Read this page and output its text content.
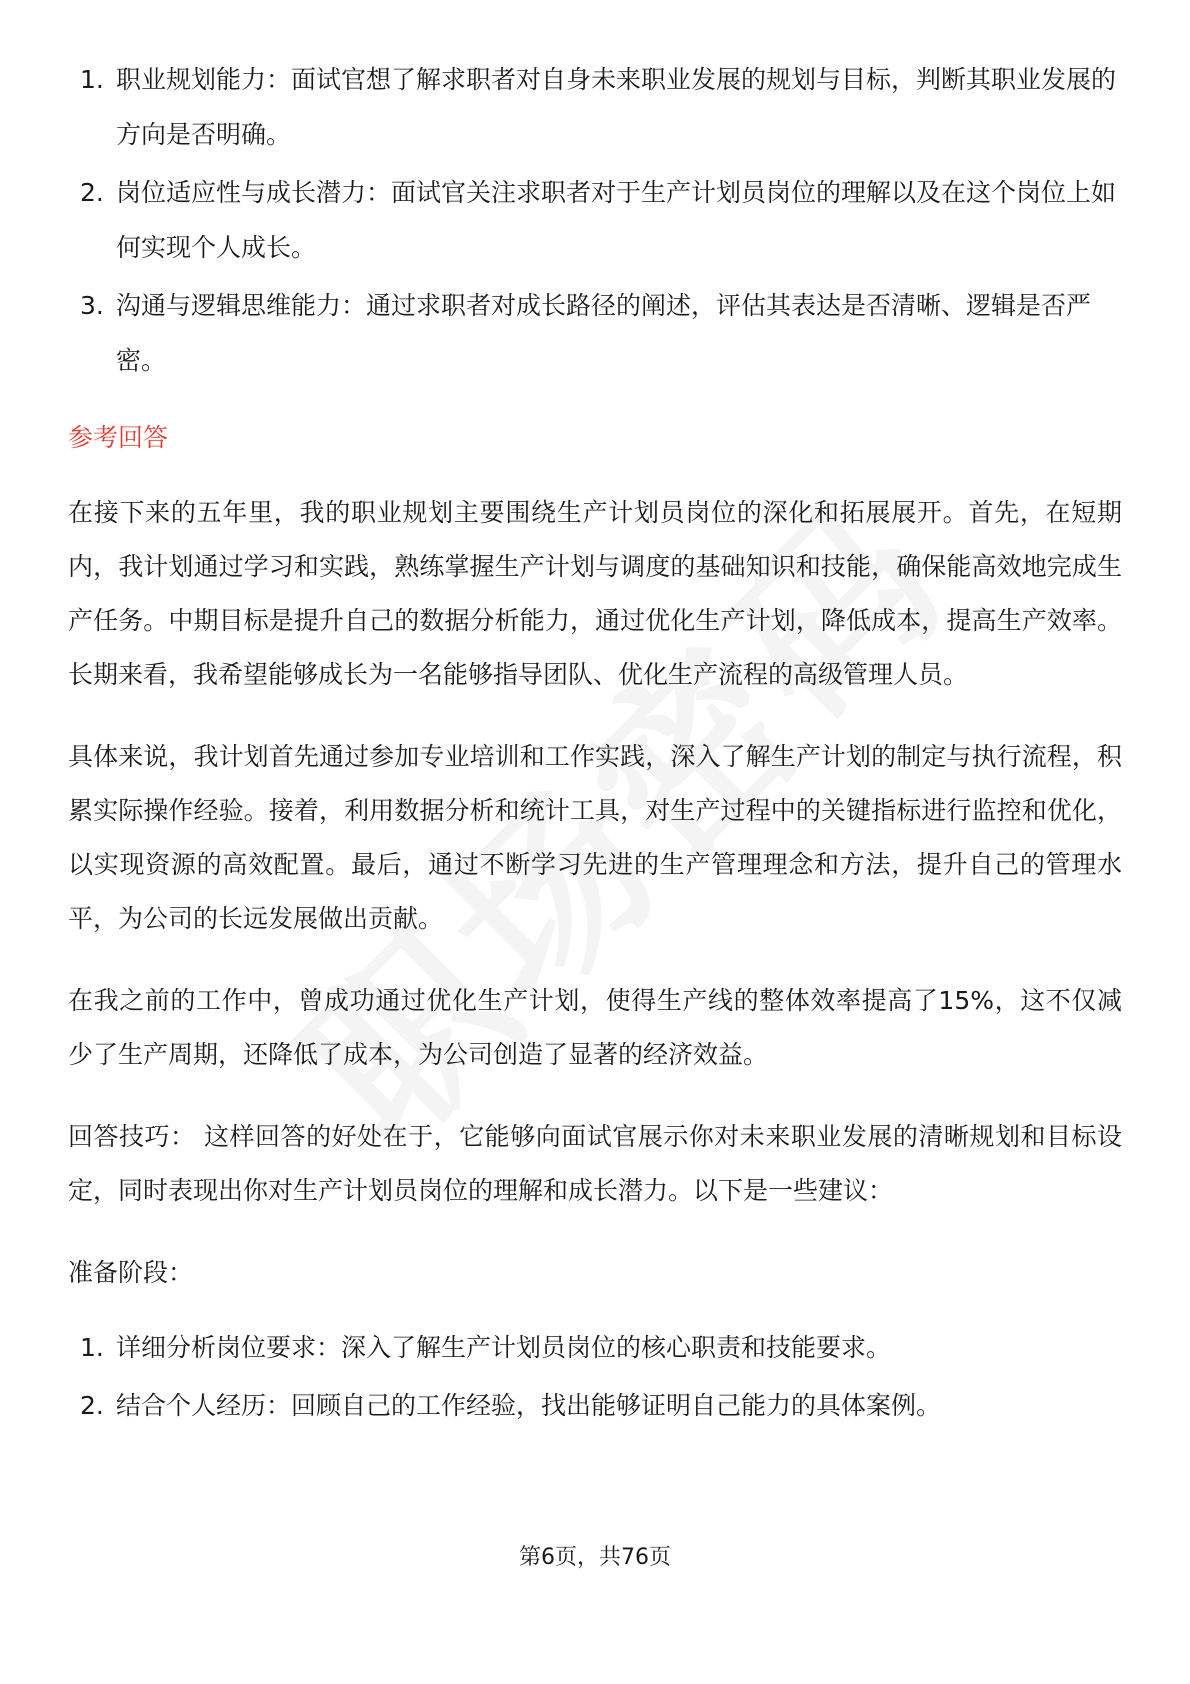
1. 职业规划能力：面试官想了解求职者对自身未来职业发展的规划与目标，判断其职业发展的方向是否明确。
2. 岗位适应性与成长潜力：面试官关注求职者对于生产计划员岗位的理解以及在这个岗位上如何实现个人成长。
3. 沟通与逻辑思维能力：通过求职者对成长路径的阐述，评估其表达是否清晰、逻辑是否严密。
参考回答

在接下来的五年里，我的职业规划主要围绕生产计划员岗位的深化和拓展展开。首先，在短期内，我计划通过学习和实践，熟练掌握生产计划与调度的基础知识和技能，确保能高效地完成生产任务。中期目标是提升自己的数据分析能力，通过优化生产计划，降低成本，提高生产效率。长期来看，我希望能够成长为一名能够指导团队、优化生产流程的高级管理人员。

具体来说，我计划首先通过参加专业培训和工作实践，深入了解生产计划的制定与执行流程，积累实际操作经验。接着，利用数据分析和统计工具，对生产过程中的关键指标进行监控和优化，以实现资源的高效配置。最后，通过不断学习先进的生产管理理念和方法，提升自己的管理水平，为公司的长远发展做出贡献。

在我之前的工作中，曾成功通过优化生产计划，使得生产线的整体效率提高了15%，这不仅减少了生产周期，还降低了成本，为公司创造了显著的经济效益。

回答技巧： 这样回答的好处在于，它能够向面试官展示你对未来职业发展的清晰规划和目标设定，同时表现出你对生产计划员岗位的理解和成长潜力。以下是一些建议：

准备阶段：
1. 详细分析岗位要求：深入了解生产计划员岗位的核心职责和技能要求。
2. 结合个人经历：回顾自己的工作经验，找出能够证明自己能力的具体案例。
第6页，共76页
